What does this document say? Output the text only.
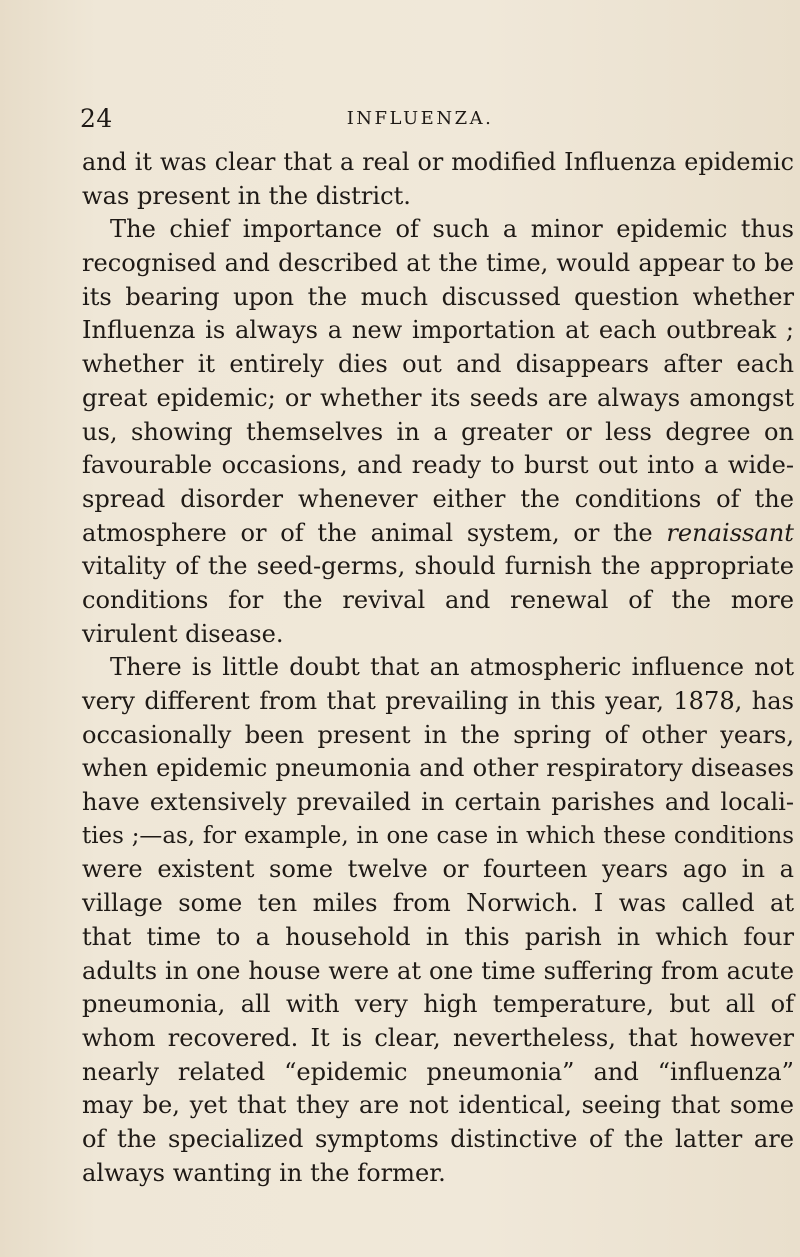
24	INFLUENZA.
and it was clear that a real or modified Influenza epidemic
was present in the district.
The chief importance of such a minor epidemic thus
recognised and described at the time, would appear to be
its bearing upon the much discussed question whether
Influenza is always a new importation at each outbreak ;
whether it entirely dies out and disappears after each
great epidemic; or whether its seeds are always amongst
us, showing themselves in a greater or less degree on
favourable occasions, and ready to burst out into a wide-
spread disorder whenever either the conditions of the
atmosphere or of the animal system, or the renaissant
vitality of the seed-germs, should furnish the appropriate
conditions for the revival and renewal of the more
virulent disease.
There is little doubt that an atmospheric influence not
very different from that prevailing in this year, 1878, has
occasionally been present in the spring of other years,
when epidemic pneumonia and other respiratory diseases
have extensively prevailed in certain parishes and locali-
ties ;—as, for example, in one case in which these conditions
were existent some twelve or fourteen years ago in a
village some ten miles from Norwich. I was called at
that time to a household in this parish in which four
adults in one house were at one time suffering from acute
pneumonia, all with very high temperature, but all of
whom recovered. It is clear, nevertheless, that however
nearly related “epidemic pneumonia” and “influenza”
may be, yet that they are not identical, seeing that some
of the specialized symptoms distinctive of the latter are
always wanting in the former.
